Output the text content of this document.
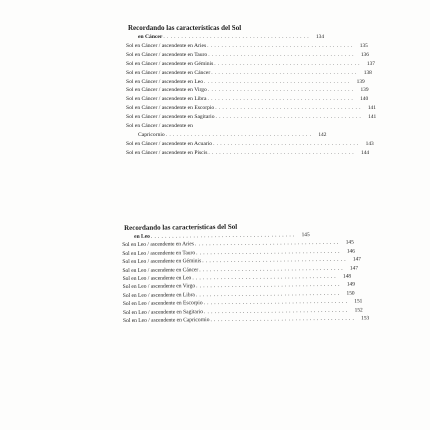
Recordando las características del Sol
en Cáncer . . . . . . . . . . . . . . . . . . . . . . . . . . . . . . . . . . . . . . . . .	134
Sol en Cáncer / ascendente en Aries . . . . . . . . . . . . . . . . . . . . . . . . . . . . . . . . . . . . . . . . .	135
Sol en Cáncer / ascendente en Tauro . . . . . . . . . . . . . . . . . . . . . . . . . . . . . . . . . . . . . . . . .	136
Sol en Cáncer / ascendente en Géminis . . . . . . . . . . . . . . . . . . . . . . . . . . . . . . . . . . . . . . . . .	137
Sol en Cáncer / ascendente en Cáncer . . . . . . . . . . . . . . . . . . . . . . . . . . . . . . . . . . . . . . . . .	138
Sol en Cáncer / ascendente en Leo . . . . . . . . . . . . . . . . . . . . . . . . . . . . . . . . . . . . . . . . .	139
Sol en Cáncer / ascendente en Virgo . . . . . . . . . . . . . . . . . . . . . . . . . . . . . . . . . . . . . . . . .	139
Sol en Cáncer / ascendente en Libra . . . . . . . . . . . . . . . . . . . . . . . . . . . . . . . . . . . . . . . . .	140
Sol en Cáncer / ascendente en Escorpio . . . . . . . . . . . . . . . . . . . . . . . . . . . . . . . . . . . . . . . . .	141
Sol en Cáncer / ascendente en Sagitario . . . . . . . . . . . . . . . . . . . . . . . . . . . . . . . . . . . . . . . . .	141
Sol en Cáncer / ascendente en
Capricornio . . . . . . . . . . . . . . . . . . . . . . . . . . . . . . . . . . . . . . . . .	142
Sol en Cáncer / ascendente en Acuario . . . . . . . . . . . . . . . . . . . . . . . . . . . . . . . . . . . . . . . . .	143
Sol en Cáncer / ascendente en Piscis . . . . . . . . . . . . . . . . . . . . . . . . . . . . . . . . . . . . . . . . .	144
Recordando las características del Sol
en Leo . . . . . . . . . . . . . . . . . . . . . . . . . . . . . . . . . . . . . . . . .	145
Sol en Leo / ascendente en Aries . . . . . . . . . . . . . . . . . . . . . . . . . . . . . . . . . . . . . . . . .	145
Sol en Leo / ascendente en Tauro . . . . . . . . . . . . . . . . . . . . . . . . . . . . . . . . . . . . . . . . .	146
Sol en Leo / ascendente en Géminis . . . . . . . . . . . . . . . . . . . . . . . . . . . . . . . . . . . . . . . . .	147
Sol en Leo / ascendente en Cáncer . . . . . . . . . . . . . . . . . . . . . . . . . . . . . . . . . . . . . . . . .	147
Sol en Leo / ascendente en Leo . . . . . . . . . . . . . . . . . . . . . . . . . . . . . . . . . . . . . . . . .	148
Sol en Leo / ascendente en Virgo . . . . . . . . . . . . . . . . . . . . . . . . . . . . . . . . . . . . . . . . .	149
Sol en Leo / ascendente en Libra . . . . . . . . . . . . . . . . . . . . . . . . . . . . . . . . . . . . . . . . .	150
Sol en Leo / ascendente en Escorpio . . . . . . . . . . . . . . . . . . . . . . . . . . . . . . . . . . . . . . . . .	151
Sol en Leo / ascendente en Sagitario . . . . . . . . . . . . . . . . . . . . . . . . . . . . . . . . . . . . . . . . .	152
Sol en Leo / ascendente en Capricornio . . . . . . . . . . . . . . . . . . . . . . . . . . . . . . . . . . . . . . . . .	153
